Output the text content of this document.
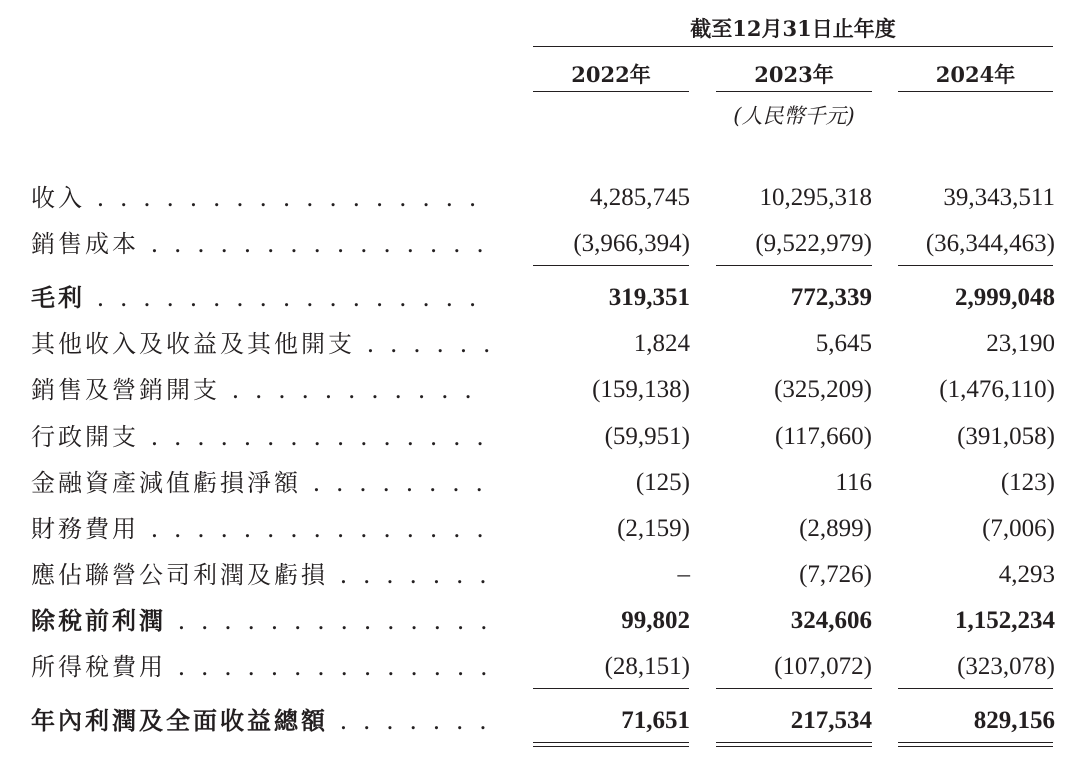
截至12月31日止年度
2022年	2023年	2024年
(人民幣千元)
收入 . . .	4,285,745	10,295,318	39,343,511
銷售成本 . . .	(3,966,394)	(9,522,979)	(36,344,463)
毛利 . . .	319,351	772,339	2,999,048
其他收入及收益及其他開支 . . .	1,824	5,645	23,190
銷售及營銷開支 . . .	(159,138)	(325,209)	(1,476,110)
行政開支 . . .	(59,951)	(117,660)	(391,058)
金融資產減值虧損淨額 . . .	(125)	116	(123)
財務費用 . . .	(2,159)	(2,899)	(7,006)
應佔聯營公司利潤及虧損 . . .	–	(7,726)	4,293
除稅前利潤 . . .	99,802	324,606	1,152,234
所得稅費用 . . .	(28,151)	(107,072)	(323,078)
年內利潤及全面收益總額 . . .	71,651	217,534	829,156
